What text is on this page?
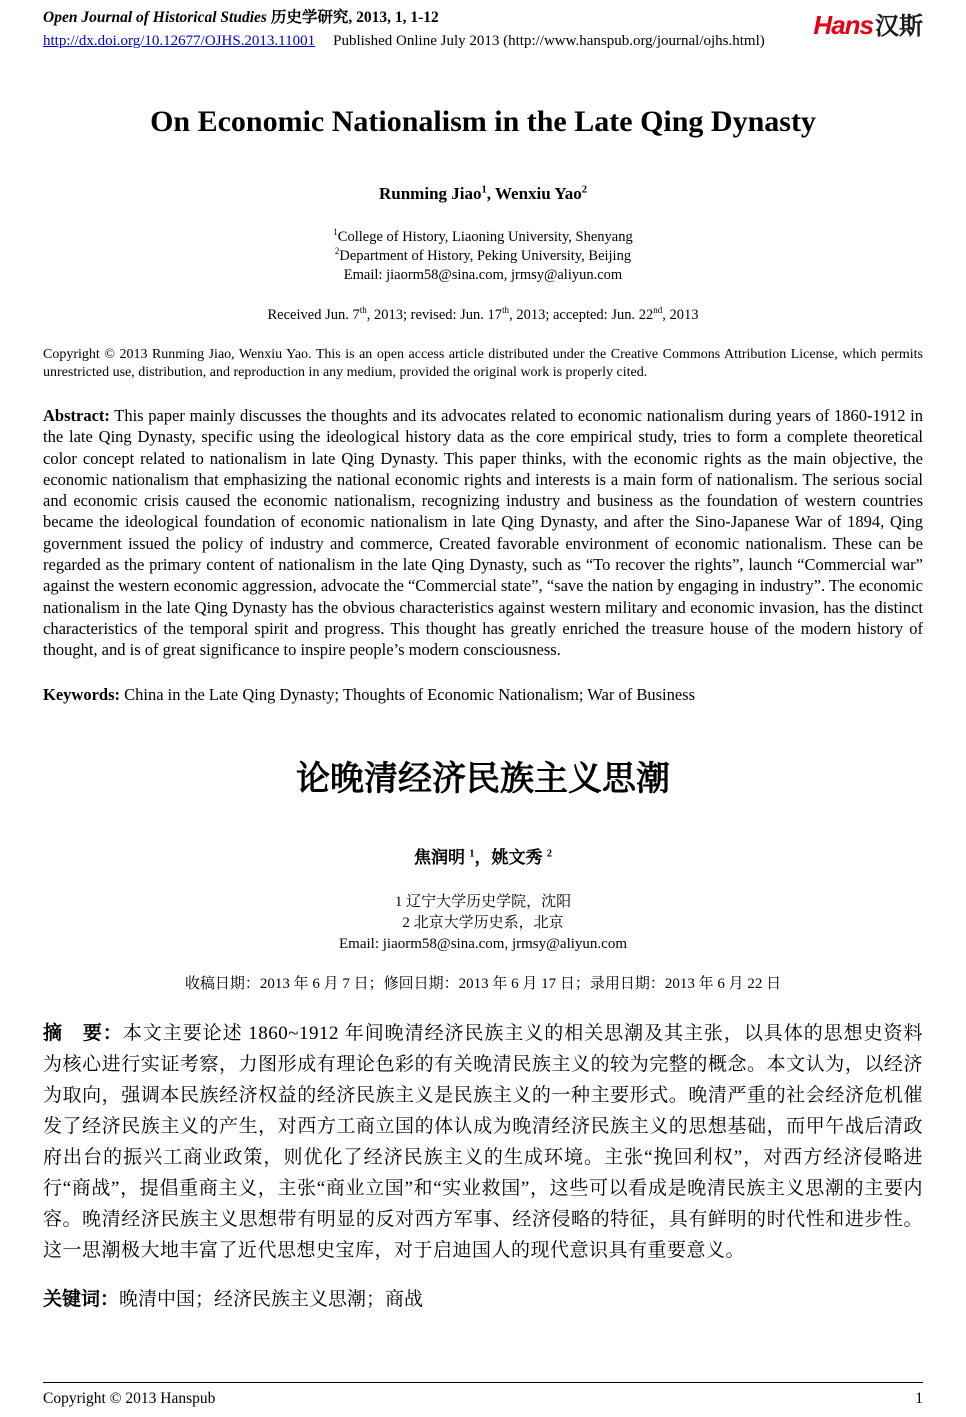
Open Journal of Historical Studies 历史学研究, 2013, 1, 1-12
http://dx.doi.org/10.12677/OJHS.2013.11001 Published Online July 2013 (http://www.hanspub.org/journal/ojhs.html)
Hans汉斯
On Economic Nationalism in the Late Qing Dynasty
Runming Jiao$^1$, Wenxiu Yao$^2$
$^1$College of History, Liaoning University, Shenyang
$^2$Department of History, Peking University, Beijing
Email: jiaorm58@sina.com, jrmsy@aliyun.com
Received Jun. 7th, 2013; revised: Jun. 17th, 2013; accepted: Jun. 22nd, 2013

Copyright © 2013 Runming Jiao, Wenxiu Yao. This is an open access article distributed under the Creative Commons Attribution License, which permits unrestricted use, distribution, and reproduction in any medium, provided the original work is properly cited.

Abstract: This paper mainly discusses the thoughts and its advocates related to economic nationalism during years of 1860-1912 in the late Qing Dynasty, specific using the ideological history data as the core empirical study, tries to form a complete theoretical color concept related to nationalism in late Qing Dynasty. This paper thinks, with the economic rights as the main objective, the economic nationalism that emphasizing the national economic rights and interests is a main form of nationalism. The serious social and economic crisis caused the economic nationalism, recognizing industry and business as the foundation of western countries became the ideological foundation of economic nationalism in late Qing Dynasty, and after the Sino-Japanese War of 1894, Qing government issued the policy of industry and commerce, Created favorable environment of economic nationalism. These can be regarded as the primary content of nationalism in the late Qing Dynasty, such as “To recover the rights”, launch “Commercial war” against the western economic aggression, advocate the “Commercial state”, “save the nation by engaging in industry”. The economic nationalism in the late Qing Dynasty has the obvious characteristics against western military and economic invasion, has the distinct characteristics of the temporal spirit and progress. This thought has greatly enriched the treasure house of the modern history of thought, and is of great significance to inspire people’s modern consciousness.

Keywords: China in the Late Qing Dynasty; Thoughts of Economic Nationalism; War of Business

论晚清经济民族主义思潮
焦润明 $^1$，姚文秀 $^2$
1 辽宁大学历史学院，沈阳
2 北京大学历史系，北京
Email: jiaorm58@sina.com, jrmsy@aliyun.com
收稿日期：2013 年 6 月 7 日；修回日期：2013 年 6 月 17 日；录用日期：2013 年 6 月 22 日

摘　要：本文主要论述 1860~1912 年间晚清经济民族主义的相关思潮及其主张，以具体的思想史资料为核心进行实证考察，力图形成有理论色彩的有关晚清民族主义的较为完整的概念。本文认为，以经济为取向，强调本民族经济权益的经济民族主义是民族主义的一种主要形式。晚清严重的社会经济危机催发了经济民族主义的产生，对西方工商立国的体认成为晚清经济民族主义的思想基础，而甲午战后清政府出台的振兴工商业政策，则优化了经济民族主义的生成环境。主张“挽回利权”，对西方经济侵略进行“商战”，提倡重商主义，主张“商业立国”和“实业救国”，这些可以看成是晚清民族主义思潮的主要内容。晚清经济民族主义思想带有明显的反对西方军事、经济侵略的特征，具有鲜明的时代性和进步性。这一思潮极大地丰富了近代思想史宝库，对于启迪国人的现代意识具有重要意义。

关键词：晚清中国；经济民族主义思潮；商战

Copyright © 2013 Hanspub	1
